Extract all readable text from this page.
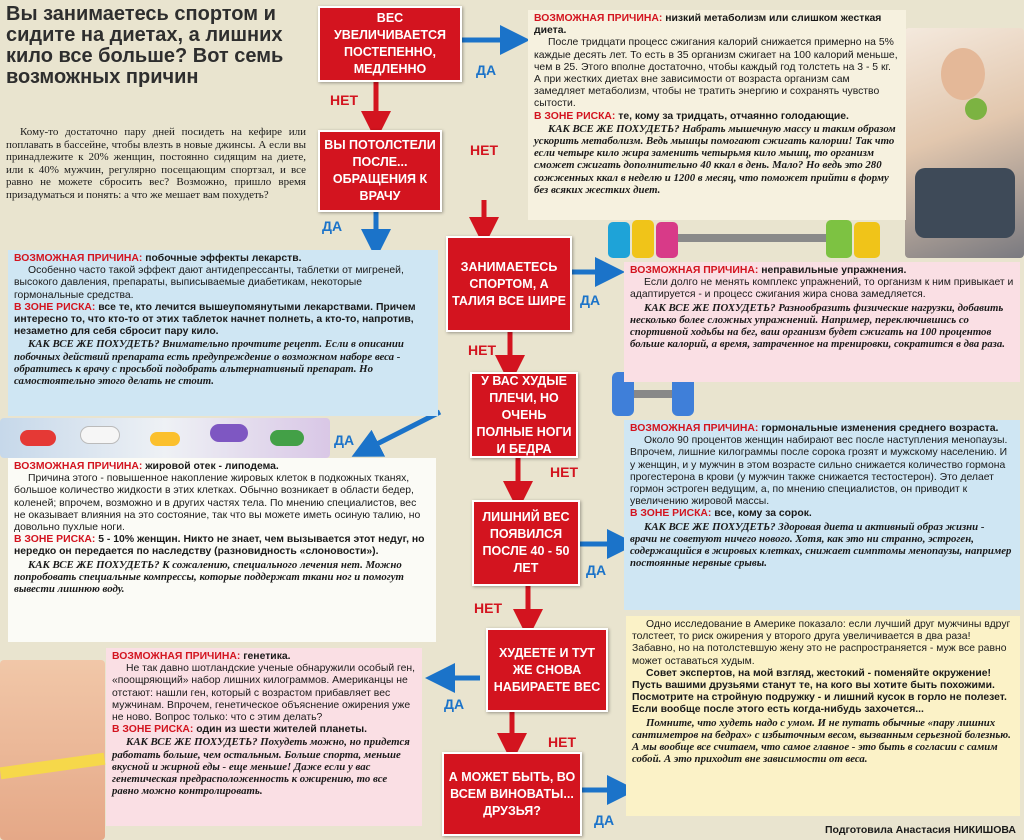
Вы занимаетесь спортом и сидите на диетах, а лишних кило все больше? Вот семь возможных причин
Кому-то достаточно пару дней посидеть на кефире или поплавать в бассейне, чтобы влезть в новые джинсы. А если вы принадлежите к 20% женщин, постоянно сидящим на диете, или к 40% мужчин, регулярно посещающим спортзал, и все равно не можете сбросить вес? Возможно, пришло время призадуматься и понять: а что же мешает вам похудеть?
ВЕС УВЕЛИЧИВАЕТСЯ ПОСТЕПЕННО, МЕДЛЕННО
ВЫ ПОТОЛСТЕЛИ ПОСЛЕ... ОБРАЩЕНИЯ К ВРАЧУ
ЗАНИМАЕТЕСЬ СПОРТОМ, А ТАЛИЯ ВСЕ ШИРЕ
У ВАС ХУДЫЕ ПЛЕЧИ, НО ОЧЕНЬ ПОЛНЫЕ НОГИ И БЕДРА
ЛИШНИЙ ВЕС ПОЯВИЛСЯ ПОСЛЕ 40 - 50 ЛЕТ
ХУДЕЕТЕ И ТУТ ЖЕ СНОВА НАБИРАЕТЕ ВЕС
А МОЖЕТ БЫТЬ, ВО ВСЕМ ВИНОВАТЫ... ДРУЗЬЯ?
ДА
НЕТ
НЕТ
ДА
ДА
НЕТ
ДА
НЕТ
ДА
НЕТ
ДА
НЕТ
ДА

ВОЗМОЖНАЯ ПРИЧИНА: низкий метаболизм или слишком жесткая диета.

После тридцати процесс сжигания калорий снижается примерно на 5% каждые десять лет. То есть в 35 организм сжигает на 100 калорий меньше, чем в 25. Этого вполне достаточно, чтобы каждый год толстеть на 3 - 5 кг. А при жестких диетах вне зависимости от возраста организм сам замедляет метаболизм, чтобы не тратить энергию и сохранять чувство сытости.

В ЗОНЕ РИСКА: те, кому за тридцать, отчаянно голодающие.

КАК ВСЕ ЖЕ ПОХУДЕТЬ? Набрать мышечную массу и таким образом ускорить метаболизм. Ведь мышцы помогают сжигать калории! Так что если четыре кило жира заменить четырьмя кило мышц, то организм сможет сжигать дополнительно 40 ккал в день. Мало? Но ведь это 280 сожженных ккал в неделю и 1200 в месяц, что поможет прийти в форму без всяких жестких диет.

ВОЗМОЖНАЯ ПРИЧИНА: побочные эффекты лекарств.

Особенно часто такой эффект дают антидепрессанты, таблетки от мигреней, высокого давления, препараты, выписываемые диабетикам, некоторые гормональные средства.

В ЗОНЕ РИСКА: все те, кто лечится вышеупомянутыми лекарствами. Причем интересно то, что кто-то от этих таблеток начнет полнеть, а кто-то, напротив, незаметно для себя сбросит пару кило.

КАК ВСЕ ЖЕ ПОХУДЕТЬ? Внимательно прочтите рецепт. Если в описании побочных действий препарата есть предупреждение о возможном наборе веса - обратитесь к врачу с просьбой подобрать альтернативный препарат. Но самостоятельно этого делать не стоит.

ВОЗМОЖНАЯ ПРИЧИНА: неправильные упражнения.

Если долго не менять комплекс упражнений, то организм к ним привыкает и адаптируется - и процесс сжигания жира снова замедляется.

КАК ВСЕ ЖЕ ПОХУДЕТЬ? Разнообразить физические нагрузки, добавить несколько более сложных упражнений. Например, переключившись со спортивной ходьбы на бег, ваш организм будет сжигать на 100 процентов больше калорий, а время, затраченное на тренировки, сократится в два раза.

ВОЗМОЖНАЯ ПРИЧИНА: жировой отек - липодема.

Причина этого - повышенное накопление жировых клеток в подкожных тканях, большое количество жидкости в этих клетках. Обычно возникает в области бедер, коленей; впрочем, возможно и в других частях тела. По мнению специалистов, вес не оказывает влияния на это состояние, так что вы можете иметь осиную талию, но довольно пухлые ноги.

В ЗОНЕ РИСКА: 5 - 10% женщин. Никто не знает, чем вызывается этот недуг, но нередко он передается по наследству (разновидность «слоновости»).

КАК ВСЕ ЖЕ ПОХУДЕТЬ? К сожалению, специального лечения нет. Можно попробовать специальные компрессы, которые поддержат ткани ног и помогут вывести лишнюю воду.

ВОЗМОЖНАЯ ПРИЧИНА: гормональные изменения среднего возраста.

Около 90 процентов женщин набирают вес после наступления менопаузы. Впрочем, лишние килограммы после сорока грозят и мужскому населению. И у женщин, и у мужчин в этом возрасте сильно снижается количество гормона прогестерона в крови (у мужчин также снижается тестостерон). Это делает гормон эстроген ведущим, а, по мнению специалистов, он приводит к увеличению жировой массы.

В ЗОНЕ РИСКА: все, кому за сорок.

КАК ВСЕ ЖЕ ПОХУДЕТЬ? Здоровая диета и активный образ жизни - врачи не советуют ничего нового. Хотя, как это ни странно, эстроген, содержащийся в жировых клетках, снижает симптомы менопаузы, например постоянные нервные срывы.

ВОЗМОЖНАЯ ПРИЧИНА: генетика.

Не так давно шотландские ученые обнаружили особый ген, «поощряющий» набор лишних килограммов. Американцы не отстают: нашли ген, который с возрастом прибавляет вес мужчинам. Впрочем, генетическое объяснение ожирения уже не ново. Вопрос только: что с этим делать?

В ЗОНЕ РИСКА: один из шести жителей планеты.

КАК ВСЕ ЖЕ ПОХУДЕТЬ? Похудеть можно, но придется работать больше, чем остальным. Больше спорта, меньше вкусной и жирной еды - еще меньше! Даже если у вас генетическая предрасположенность к ожирению, то все равно можно контролировать.

Одно исследование в Америке показало: если лучший друг мужчины вдруг толстеет, то риск ожирения у второго друга увеличивается в два раза! Забавно, но на потолстевшую жену это не распространяется - муж все равно может оставаться худым.

Совет экспертов, на мой взгляд, жестокий - поменяйте окружение! Пусть вашими друзьями станут те, на кого вы хотите быть похожими. Посмотрите на стройную подружку - и лишний кусок в горло не полезет. Если вообще после этого есть когда-нибудь захочется...

Помните, что худеть надо с умом. И не путать обычные «пару лишних сантиметров на бедрах» с избыточным весом, вызванным серьезной болезнью. А мы вообще все считаем, что самое главное - это быть в согласии с самим собой. А это приходит вне зависимости от веса.

Подготовила Анастасия НИКИШОВА
